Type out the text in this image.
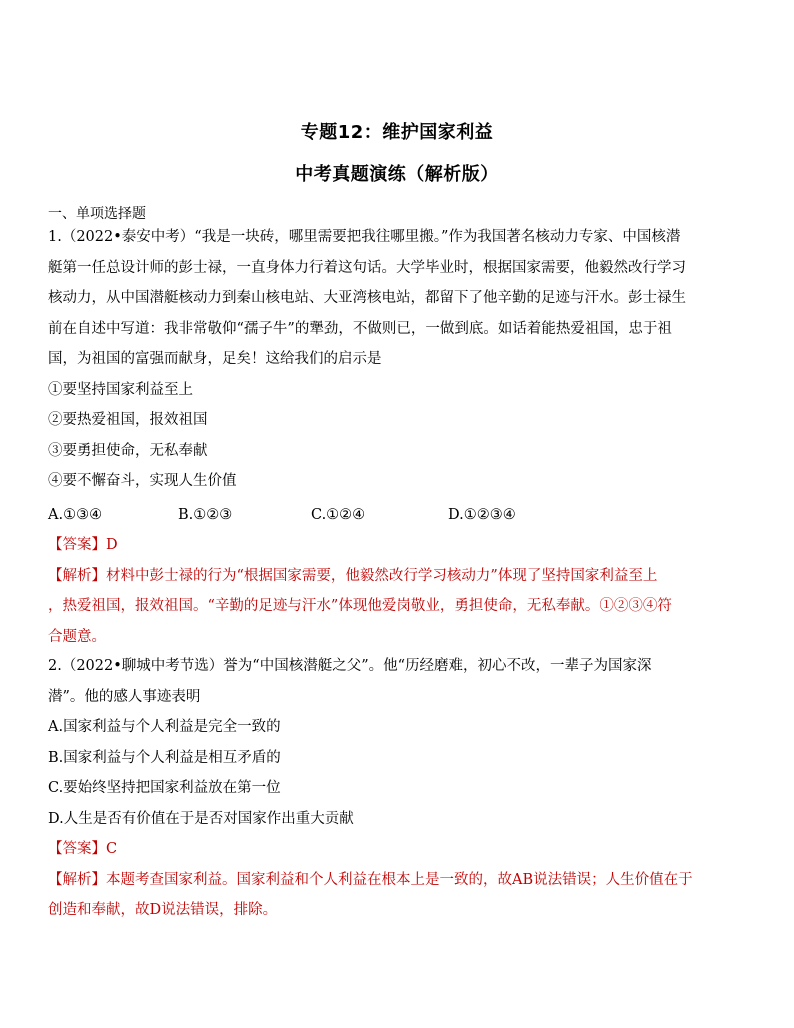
专题12：维护国家利益
中考真题演练（解析版）
一、单项选择题
1.（2022•泰安中考）“我是一块砖，哪里需要把我往哪里搬。”作为我国著名核动力专家、中国核潜
艇第一任总设计师的彭士禄，一直身体力行着这句话。大学毕业时，根据国家需要，他毅然改行学习
核动力，从中国潜艇核动力到秦山核电站、大亚湾核电站，都留下了他辛勤的足迹与汗水。彭士禄生
前在自述中写道：我非常敬仰“孺子牛”的犟劲，不做则已，一做到底。如话着能热爱祖国，忠于祖
国，为祖国的富强而献身，足矣！这给我们的启示是
①要坚持国家利益至上
②要热爱祖国，报效祖国
③要勇担使命，无私奉献
④要不懈奋斗，实现人生价值
A.①③④	B.①②③	C.①②④	D.①②③④
【答案】D
【解析】材料中彭士禄的行为“根据国家需要，他毅然改行学习核动力”体现了坚持国家利益至上
，热爱祖国，报效祖国。“辛勤的足迹与汗水”体现他爱岗敬业，勇担使命，无私奉献。①②③④符
合题意。
2.（2022•聊城中考节选）誉为“中国核潜艇之父”。他“历经磨难，初心不改，一辈子为国家深
潜”。他的感人事迹表明
A.国家利益与个人利益是完全一致的
B.国家利益与个人利益是相互矛盾的
C.要始终坚持把国家利益放在第一位
D.人生是否有价值在于是否对国家作出重大贡献
【答案】C
【解析】本题考查国家利益。国家利益和个人利益在根本上是一致的，故AB说法错误；人生价值在于
创造和奉献，故D说法错误，排除。
